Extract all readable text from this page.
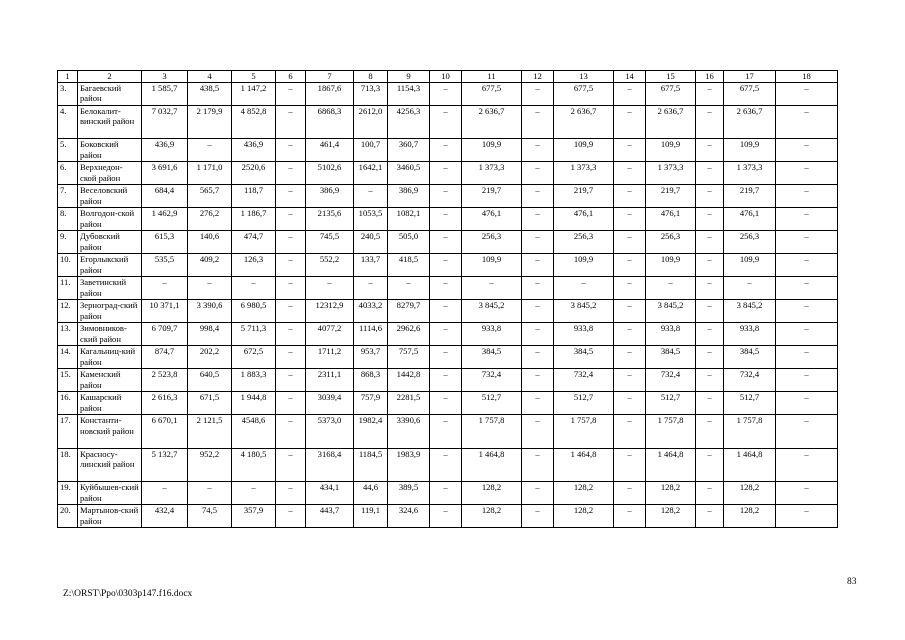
1	2	3	4	5	6	7	8	9	10	11	12	13	14	15	16	17	18
3.	Багаевский район	1 585,7	438,5	1 147,2	–	1867,6	713,3	1154,3	–	677,5	–	677,5	–	677,5	–	677,5	–
4.	Белокалит-винский район	7 032,7	2 179,9	4 852,8	–	6868,3	2612,0	4256,3	–	2 636,7	–	2 636,7	–	2 636,7	–	2 636,7	–
5.	Боковский район	436,9	–	436,9	–	461,4	100,7	360,7	–	109,9	–	109,9	–	109,9	–	109,9	–
6.	Верхнедон-ской район	3 691,6	1 171,0	2520,6	–	5102,6	1642,1	3460,5	–	1 373,3	–	1 373,3	–	1 373,3	–	1 373,3	–
7.	Веселовский район	684,4	565,7	118,7	–	386,9	–	386,9	–	219,7	–	219,7	–	219,7	–	219,7	–
8.	Волгодон-ской район	1 462,9	276,2	1 186,7	–	2135,6	1053,5	1082,1	–	476,1	–	476,1	–	476,1	–	476,1	–
9.	Дубовский район	615,3	140,6	474,7	–	745,5	240,5	505,0	–	256,3	–	256,3	–	256,3	–	256,3	–
10.	Егорлыкский район	535,5	409,2	126,3	–	552,2	133,7	418,5	–	109,9	–	109,9	–	109,9	–	109,9	–
11.	Заветинский район	–	–	–	–	–	–	–	–	–	–	–	–	–	–	–	–
12.	Зерноград-ский район	10 371,1	3 390,6	6 980,5	–	12312,9	4033,2	8279,7	–	3 845,2	–	3 845,2	–	3 845,2	–	3 845,2	–
13.	Зимовников-ский район	6 709,7	998,4	5 711,3	–	4077,2	1114,6	2962,6	–	933,8	–	933,8	–	933,8	–	933,8	–
14.	Кагальниц-кий район	874,7	202,2	672,5	–	1711,2	953,7	757,5	–	384,5	–	384,5	–	384,5	–	384,5	–
15.	Каменский район	2 523,8	640,5	1 883,3	–	2311,1	868,3	1442,8	–	732,4	–	732,4	–	732,4	–	732,4	–
16.	Кашарский район	2 616,3	671,5	1 944,8	–	3039,4	757,9	2281,5	–	512,7	–	512,7	–	512,7	–	512,7	–
17.	Константи-новский район	6 670,1	2 121,5	4548,6	–	5373,0	1982,4	3390,6	–	1 757,8	–	1 757,8	–	1 757,8	–	1 757,8	–
18.	Красносу-линский район	5 132,7	952,2	4 180,5	–	3168,4	1184,5	1983,9	–	1 464,8	–	1 464,8	–	1 464,8	–	1 464,8	–
19.	Куйбышев-ский район	–	–	–	–	434,1	44,6	389,5	–	128,2	–	128,2	–	128,2	–	128,2	–
20.	Мартынов-ский район	432,4	74,5	357,9	–	443,7	119,1	324,6	–	128,2	–	128,2	–	128,2	–	128,2	–
83
Z:\ORST\Ppo\0303p147.f16.docx
